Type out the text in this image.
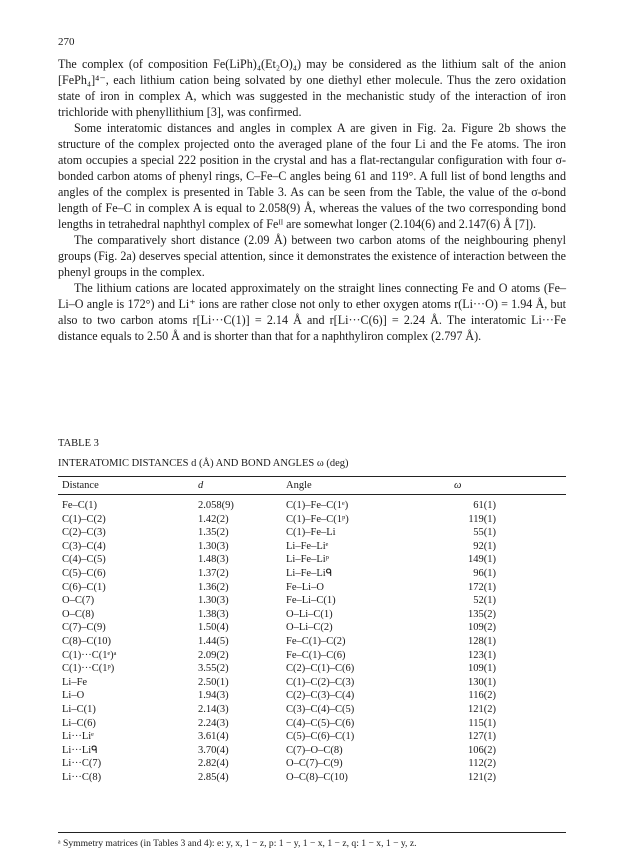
270

The complex (of composition Fe(LiPh)₄(Et₂O)₄) may be considered as the lithium salt of the anion [FePh₄]⁴⁻, each lithium cation being solvated by one diethyl ether molecule. Thus the zero oxidation state of iron in complex A, which was suggested in the mechanistic study of the interaction of iron trichloride with phenyllithium [3], was confirmed.

Some interatomic distances and angles in complex A are given in Fig. 2a. Figure 2b shows the structure of the complex projected onto the averaged plane of the four Li and the Fe atoms. The iron atom occupies a special 222 position in the crystal and has a flat-rectangular configuration with four σ-bonded carbon atoms of phenyl rings, C–Fe–C angles being 61 and 119°. A full list of bond lengths and angles of the complex is presented in Table 3. As can be seen from the Table, the value of the σ-bond length of Fe–C in complex A is equal to 2.058(9) Å, whereas the values of the two corresponding bond lengths in tetrahedral naphthyl complex of Feᴵᴵ are somewhat longer (2.104(6) and 2.147(6) Å [7]).

The comparatively short distance (2.09 Å) between two carbon atoms of the neighbouring phenyl groups (Fig. 2a) deserves special attention, since it demonstrates the existence of interaction between the phenyl groups in the complex.

The lithium cations are located approximately on the straight lines connecting Fe and O atoms (Fe–Li–O angle is 172°) and Li⁺ ions are rather close not only to ether oxygen atoms r(Li···O) = 1.94 Å, but also to two carbon atoms r[Li···C(1)] = 2.14 Å and r[Li···C(6)] = 2.24 Å. The interatomic Li···Fe distance equals to 2.50 Å and is shorter than that for a naphthyliron complex (2.797 Å).

TABLE 3
INTERATOMIC DISTANCES d (Å) AND BOND ANGLES ω (deg)
Distance	d	Angle	ω
Fe–C(1)	2.058(9)	C(1)–Fe–C(1ᵉ)	61(1)
C(1)–C(2)	1.42(2)	C(1)–Fe–C(1ᵖ)	119(1)
C(2)–C(3)	1.35(2)	C(1)–Fe–Li	55(1)
C(3)–C(4)	1.30(3)	Li–Fe–Liᵉ	92(1)
C(4)–C(5)	1.48(3)	Li–Fe–Liᵖ	149(1)
C(5)–C(6)	1.37(2)	Li–Fe–Liᑫ	96(1)
C(6)–C(1)	1.36(2)	Fe–Li–O	172(1)
O–C(7)	1.30(3)	Fe–Li–C(1)	52(1)
O–C(8)	1.38(3)	O–Li–C(1)	135(2)
C(7)–C(9)	1.50(4)	O–Li–C(2)	109(2)
C(8)–C(10)	1.44(5)	Fe–C(1)–C(2)	128(1)
C(1)···C(1ᵉ)ᵃ	2.09(2)	Fe–C(1)–C(6)	123(1)
C(1)···C(1ᵖ)	3.55(2)	C(2)–C(1)–C(6)	109(1)
Li–Fe	2.50(1)	C(1)–C(2)–C(3)	130(1)
Li–O	1.94(3)	C(2)–C(3)–C(4)	116(2)
Li–C(1)	2.14(3)	C(3)–C(4)–C(5)	121(2)
Li–C(6)	2.24(3)	C(4)–C(5)–C(6)	115(1)
Li···Liᵉ	3.61(4)	C(5)–C(6)–C(1)	127(1)
Li···Liᑫ	3.70(4)	C(7)–O–C(8)	106(2)
Li···C(7)	2.82(4)	O–C(7)–C(9)	112(2)
Li···C(8)	2.85(4)	O–C(8)–C(10)	121(2)
ᵃ Symmetry matrices (in Tables 3 and 4): e: y, x, 1 − z, p: 1 − y, 1 − x, 1 − z, q: 1 − x, 1 − y, z.
